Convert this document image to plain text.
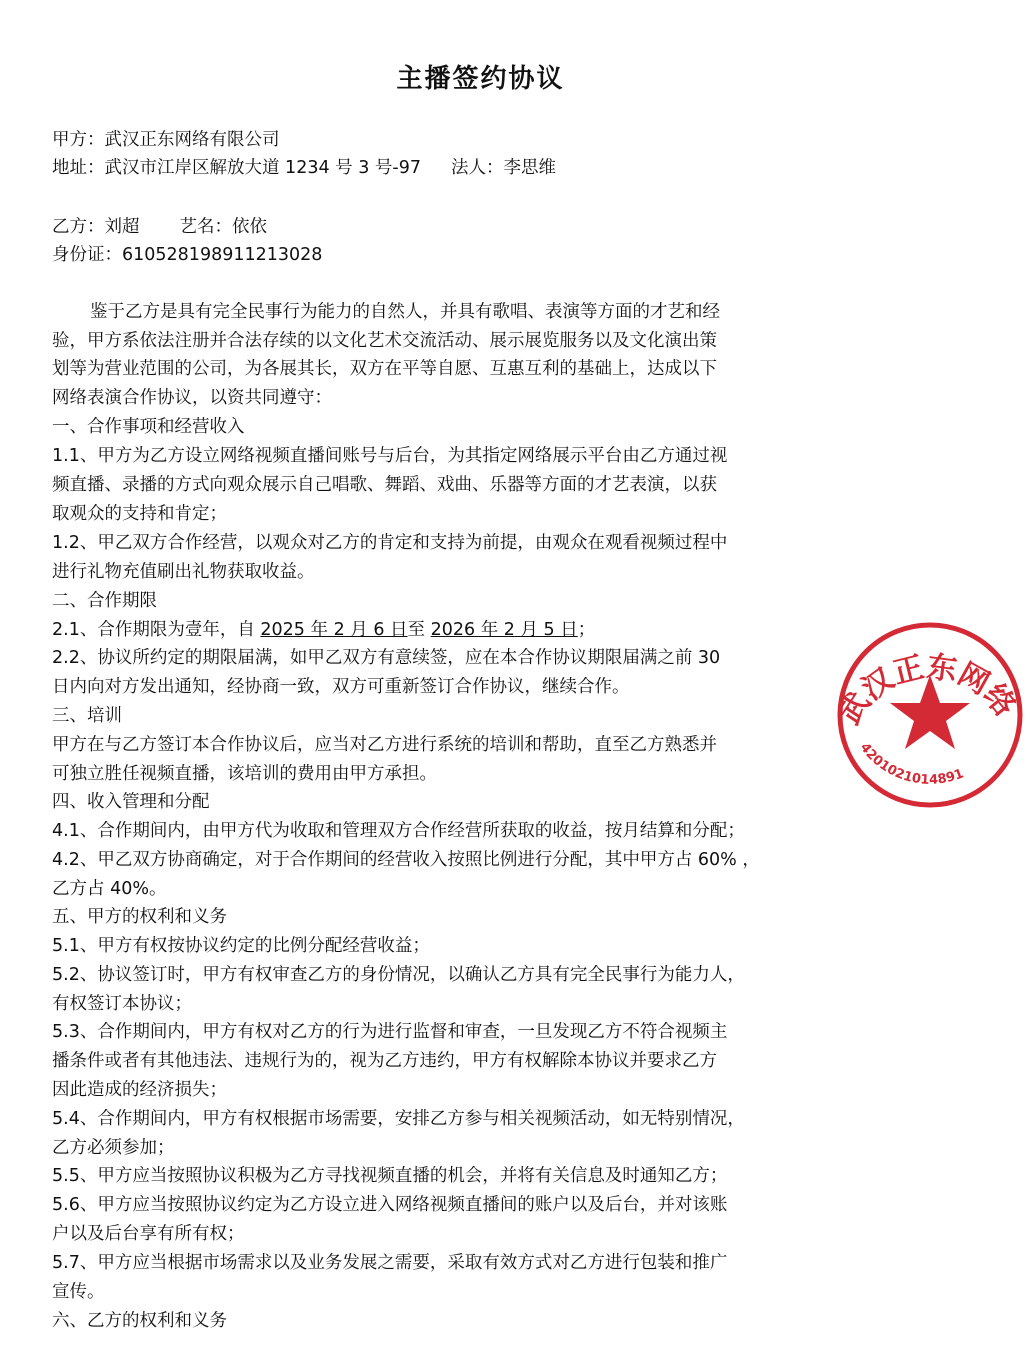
主播签约协议
甲方：武汉正东网络有限公司
地址：武汉市江岸区解放大道 1234 号 3 号-97 法人：李思维
乙方：刘超 艺名：依依
身份证：610528198911213028
鉴于乙方是具有完全民事行为能力的自然人，并具有歌唱、表演等方面的才艺和经
验，甲方系依法注册并合法存续的以文化艺术交流活动、展示展览服务以及文化演出策
划等为营业范围的公司，为各展其长，双方在平等自愿、互惠互利的基础上，达成以下
网络表演合作协议，以资共同遵守：
一、合作事项和经营收入
1.1、甲方为乙方设立网络视频直播间账号与后台，为其指定网络展示平台由乙方通过视
频直播、录播的方式向观众展示自己唱歌、舞蹈、戏曲、乐器等方面的才艺表演，以获
取观众的支持和肯定；
1.2、甲乙双方合作经营，以观众对乙方的肯定和支持为前提，由观众在观看视频过程中
进行礼物充值刷出礼物获取收益。
二、合作期限
2.1、合作期限为壹年，自 2025 年 2 月 6 日至 2026 年 2 月 5 日；
2.2、协议所约定的期限届满，如甲乙双方有意续签，应在本合作协议期限届满之前 30
日内向对方发出通知，经协商一致，双方可重新签订合作协议，继续合作。
三、培训
甲方在与乙方签订本合作协议后，应当对乙方进行系统的培训和帮助，直至乙方熟悉并
可独立胜任视频直播，该培训的费用由甲方承担。
四、收入管理和分配
4.1、合作期间内，由甲方代为收取和管理双方合作经营所获取的收益，按月结算和分配；
4.2、甲乙双方协商确定，对于合作期间的经营收入按照比例进行分配，其中甲方占 60% ，
乙方占 40%。
五、甲方的权利和义务
5.1、甲方有权按协议约定的比例分配经营收益；
5.2、协议签订时，甲方有权审查乙方的身份情况，以确认乙方具有完全民事行为能力人，
有权签订本协议；
5.3、合作期间内，甲方有权对乙方的行为进行监督和审查，一旦发现乙方不符合视频主
播条件或者有其他违法、违规行为的，视为乙方违约，甲方有权解除本协议并要求乙方
因此造成的经济损失；
5.4、合作期间内，甲方有权根据市场需要，安排乙方参与相关视频活动，如无特别情况，
乙方必须参加；
5.5、甲方应当按照协议积极为乙方寻找视频直播的机会，并将有关信息及时通知乙方；
5.6、甲方应当按照协议约定为乙方设立进入网络视频直播间的账户以及后台，并对该账
户以及后台享有所有权；
5.7、甲方应当根据市场需求以及业务发展之需要，采取有效方式对乙方进行包装和推广
宣传。
六、乙方的权利和义务
武汉正东网络有限公司
4201021014891
